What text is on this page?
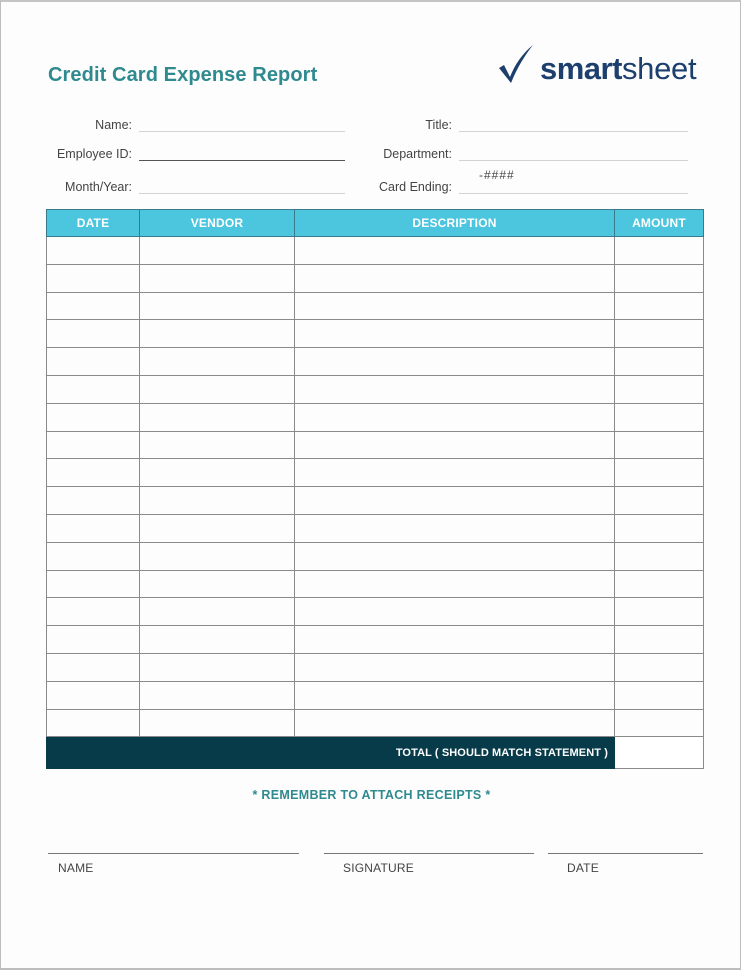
Credit Card Expense Report	smart sheet
Name:
Employee ID:
Month/Year:
Title:
Department:
Card Ending:
-####
DATE	VENDOR	DESCRIPTION	AMOUNT

TOTAL ( SHOULD MATCH STATEMENT )			
* REMEMBER TO ATTACH RECEIPTS *
NAME	SIGNATURE	DATE
